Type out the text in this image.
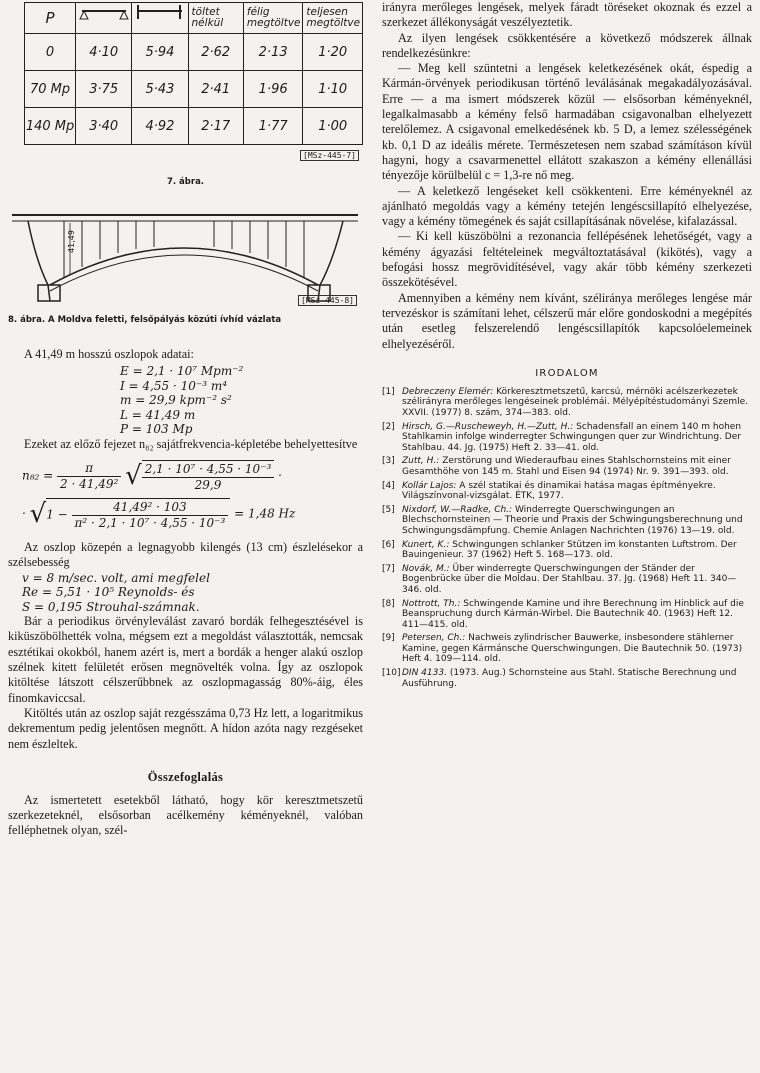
P			töltet nélkül	félig megtöltve	teljesen megtöltve
0	4·10	5·94	2·62	2·13	1·20
70 Mp	3·75	5·43	2·41	1·96	1·10
140 Mp	3·40	4·92	2·17	1·77	1·00
[MSz-445-7]
7. ábra.
41,49
[MSz-445-8]
8. ábra. A Moldva feletti, felsőpályás közúti ívhíd vázlata

A 41,49 m hosszú oszlopok adatai:

E = 2,1 · 10⁷ Mpm⁻²
I = 4,55 · 10⁻³ m⁴
m = 29,9 kpm⁻² s²
L = 41,49 m
P = 103 Mp

Ezeket az előző fejezet n₈₂ sajátfrekvencia-képletébe behelyettesítve

$n_{82} = \frac{\pi}{\text{2 · 41,49²}}$ √ $\frac{\text{2,1 · 10⁷ · 4,55 · 10⁻³}}{29,9}$ ·
· $√1 - \frac{\text{41,49² · 103}}{\text{π² · 2,1 · 10⁷ · 4,55 · 10⁻³}} = 1,48$ Hz

Az oszlop közepén a legnagyobb kilengés (13 cm) észlelésekor a szélsebesség

v = 8 m/sec. volt, ami megfelel
Re = 5,51 · 10⁵ Reynolds- és
S = 0,195 Strouhal-számnak.

Bár a periodikus örvényleválást zavaró bordák felhegesztésével is kiküszöbölhették volna, mégsem ezt a megoldást választották, nemcsak esztétikai okokból, hanem azért is, mert a bordák a henger alakú oszlop szélnek kitett felületét erősen megnövelték volna. Így az oszlopok kitöltése látszott célszerűbbnek az oszlopmagasság 80%-áig, éles finomkaviccsal.

Kitöltés után az oszlop saját rezgésszáma 0,73 Hz lett, a logaritmikus dekrementum pedig jelentősen megnőtt. A hídon azóta nagy rezgéseket nem észleltek.

Összefoglalás

Az ismertetett esetekből látható, hogy kör keresztmetszetű szerkezeteknél, elsősorban acélkemény kéményeknél, valóban felléphetnek olyan, szél-

irányra merőleges lengések, melyek fáradt töréseket okoznak és ezzel a szerkezet állékonyságát veszélyeztetik.

Az ilyen lengések csökkentésére a következő módszerek állnak rendelkezésünkre:

— Meg kell szüntetni a lengések keletkezésének okát, éspedig a Kármán-örvények periodikusan történő leválásának megakadályozásával. Erre — a ma ismert módszerek közül — elsősorban kéményeknél, legalkalmasabb a kémény felső harmadában csigavonalban elhelyezett terelőlemez. A csigavonal emelkedésének kb. 5 D, a lemez szélességének kb. 0,1 D az ideális mérete. Természetesen nem szabad számításon kívül hagyni, hogy a csavarmenettel ellátott szakaszon a kémény ellenállási tényezője körülbelül c = 1,3-re nő meg.

— A keletkező lengéseket kell csökkenteni. Erre kéményeknél az ajánlható megoldás vagy a kémény tetején lengéscsillapító elhelyezése, vagy a kémény tömegének és saját csillapításának növelése, kifalazással.

— Ki kell küszöbölni a rezonancia fellépésének lehetőségét, vagy a kémény ágyazási feltételeinek megváltoztatásával (kikötés), vagy a befogási hossz megrövidítésével, vagy akár több kémény szerkezeti összekötésével.

Amennyiben a kémény nem kívánt, széliránya merőleges lengése már tervezéskor is számítani lehet, célszerű már előre gondoskodni a megépítés után esetleg felszerelendő lengéscsillapítók kapcsolóelemeinek elhelyezéséről.

IRODALOM
[1] Debreczeny Elemér: Körkeresztmetszetű, karcsú, mérnöki acélszerkezetek szélirányra merőleges lengéseinek problémái. Mélyépítéstudományi Szemle. XXVII. (1977) 8. szám, 374—383. old.
[2] Hirsch, G.—Ruscheweyh, H.—Zutt, H.: Schadensfall an einem 140 m hohen Stahlkamin infolge winderregter Schwingungen quer zur Windrichtung. Der Stahlbau. 44. Jg. (1975) Heft 2. 33—41. old.
[3] Zutt, H.: Zerstörung und Wiederaufbau eines Stahlschornsteins mit einer Gesamthöhe von 145 m. Stahl und Eisen 94 (1974) Nr. 9. 391—393. old.
[4] Kollár Lajos: A szél statikai és dinamikai hatása magas építményekre. Világszínvonal-vizsgálat. ÉTK, 1977.
[5] Nixdorf, W.—Radke, Ch.: Winderregte Querschwingungen an Blechschornsteinen — Theorie und Praxis der Schwingungsberechnung und Schwingungsdämpfung. Chemie Anlagen Nachrichten (1976) 13—19. old.
[6] Kunert, K.: Schwingungen schlanker Stützen im konstanten Luftstrom. Der Bauingenieur. 37 (1962) Heft 5. 168—173. old.
[7] Novák, M.: Über winderregte Querschwingungen der Ständer der Bogenbrücke über die Moldau. Der Stahlbau. 37. Jg. (1968) Heft 11. 340—346. old.
[8] Nottrott, Th.: Schwingende Kamine und ihre Berechnung im Hinblick auf die Beanspruchung durch Kármán-Wirbel. Die Bautechnik 40. (1963) Heft 12. 411—415. old.
[9] Petersen, Ch.: Nachweis zylindrischer Bauwerke, insbesondere stählerner Kamine, gegen Kármánsche Querschwingungen. Die Bautechnik 50. (1973) Heft 4. 109—114. old.
[10] DIN 4133. (1973. Aug.) Schornsteine aus Stahl. Statische Berechnung und Ausführung.
